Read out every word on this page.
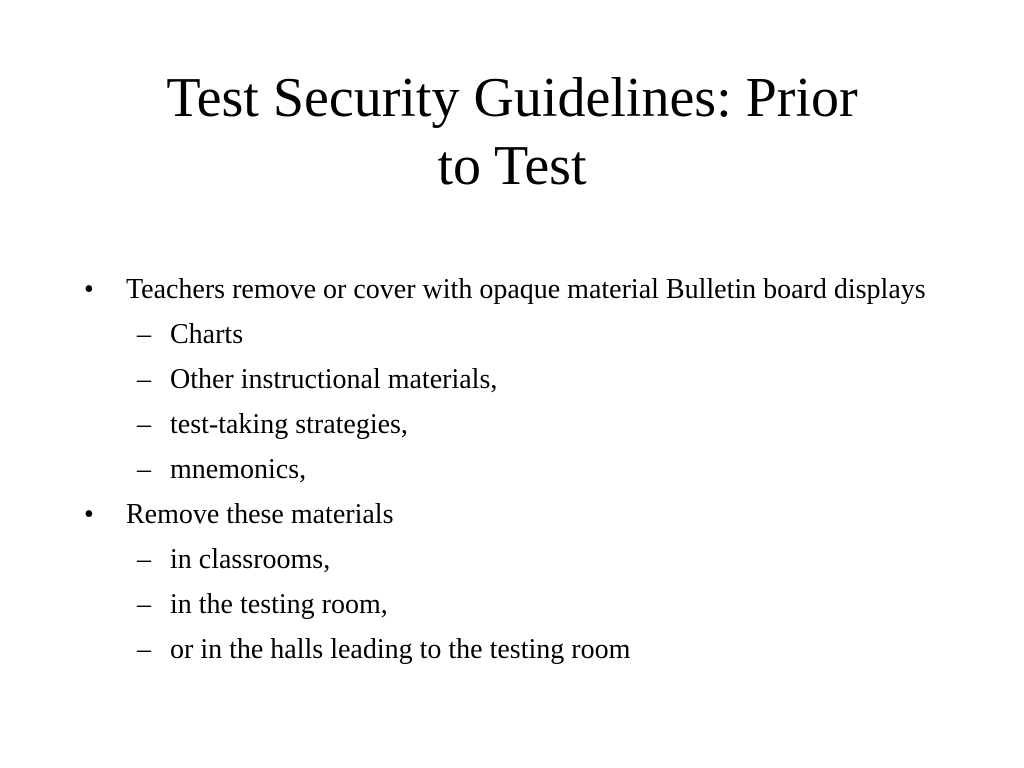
Test Security Guidelines: Prior
to Test
•	Teachers remove or cover with opaque material Bulletin board displays
– Charts
– Other instructional materials,
– test-taking strategies,
– mnemonics,
•	Remove these materials
– in classrooms,
– in the testing room,
– or in the halls leading to the testing room
